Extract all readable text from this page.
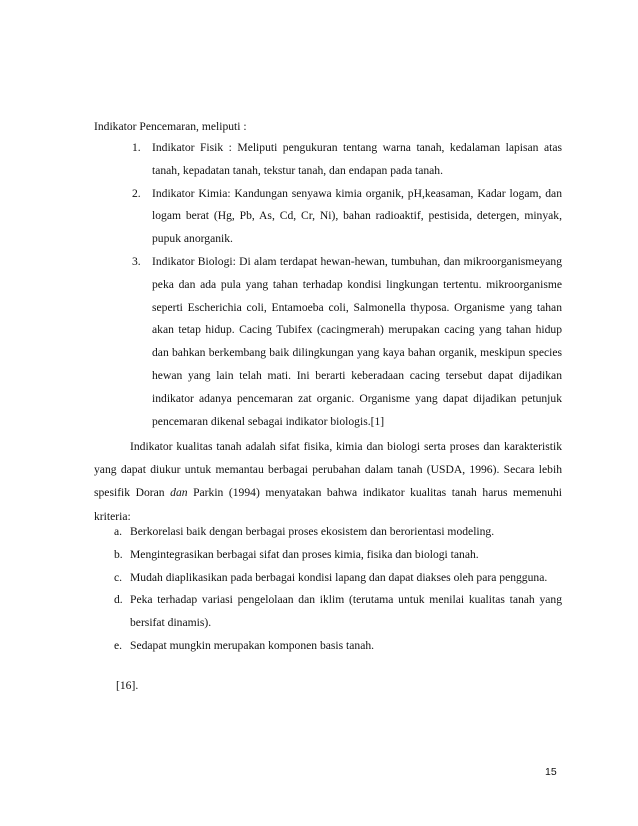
Indikator Pencemaran, meliputi :
1. Indikator Fisik : Meliputi pengukuran tentang warna tanah, kedalaman lapisan atas tanah, kepadatan tanah, tekstur tanah, dan endapan pada tanah.
2. Indikator Kimia: Kandungan senyawa kimia organik, pH,keasaman, Kadar logam, dan logam berat (Hg, Pb, As, Cd, Cr, Ni), bahan radioaktif, pestisida, detergen, minyak, pupuk anorganik.
3. Indikator Biologi: Di alam terdapat hewan-hewan, tumbuhan, dan mikroorganismeyang peka dan ada pula yang tahan terhadap kondisi lingkungan tertentu. mikroorganisme seperti Escherichia coli, Entamoeba coli, Salmonella thyposa. Organisme yang tahan akan tetap hidup. Cacing Tubifex (cacingmerah) merupakan cacing yang tahan hidup dan bahkan berkembang baik dilingkungan yang kaya bahan organik, meskipun species hewan yang lain telah mati. Ini berarti keberadaan cacing tersebut dapat dijadikan indikator adanya pencemaran zat organic. Organisme yang dapat dijadikan petunjuk pencemaran dikenal sebagai indikator biologis.[1]

Indikator kualitas tanah adalah sifat fisika, kimia dan biologi serta proses dan karakteristik yang dapat diukur untuk memantau berbagai perubahan dalam tanah (USDA, 1996). Secara lebih spesifik Doran dan Parkin (1994) menyatakan bahwa indikator kualitas tanah harus memenuhi kriteria:

a. Berkorelasi baik dengan berbagai proses ekosistem dan berorientasi modeling.
b. Mengintegrasikan berbagai sifat dan proses kimia, fisika dan biologi tanah.
c. Mudah diaplikasikan pada berbagai kondisi lapang dan dapat diakses oleh para pengguna.
d. Peka terhadap variasi pengelolaan dan iklim (terutama untuk menilai kualitas tanah yang bersifat dinamis).
e. Sedapat mungkin merupakan komponen basis tanah.
[16].
15
